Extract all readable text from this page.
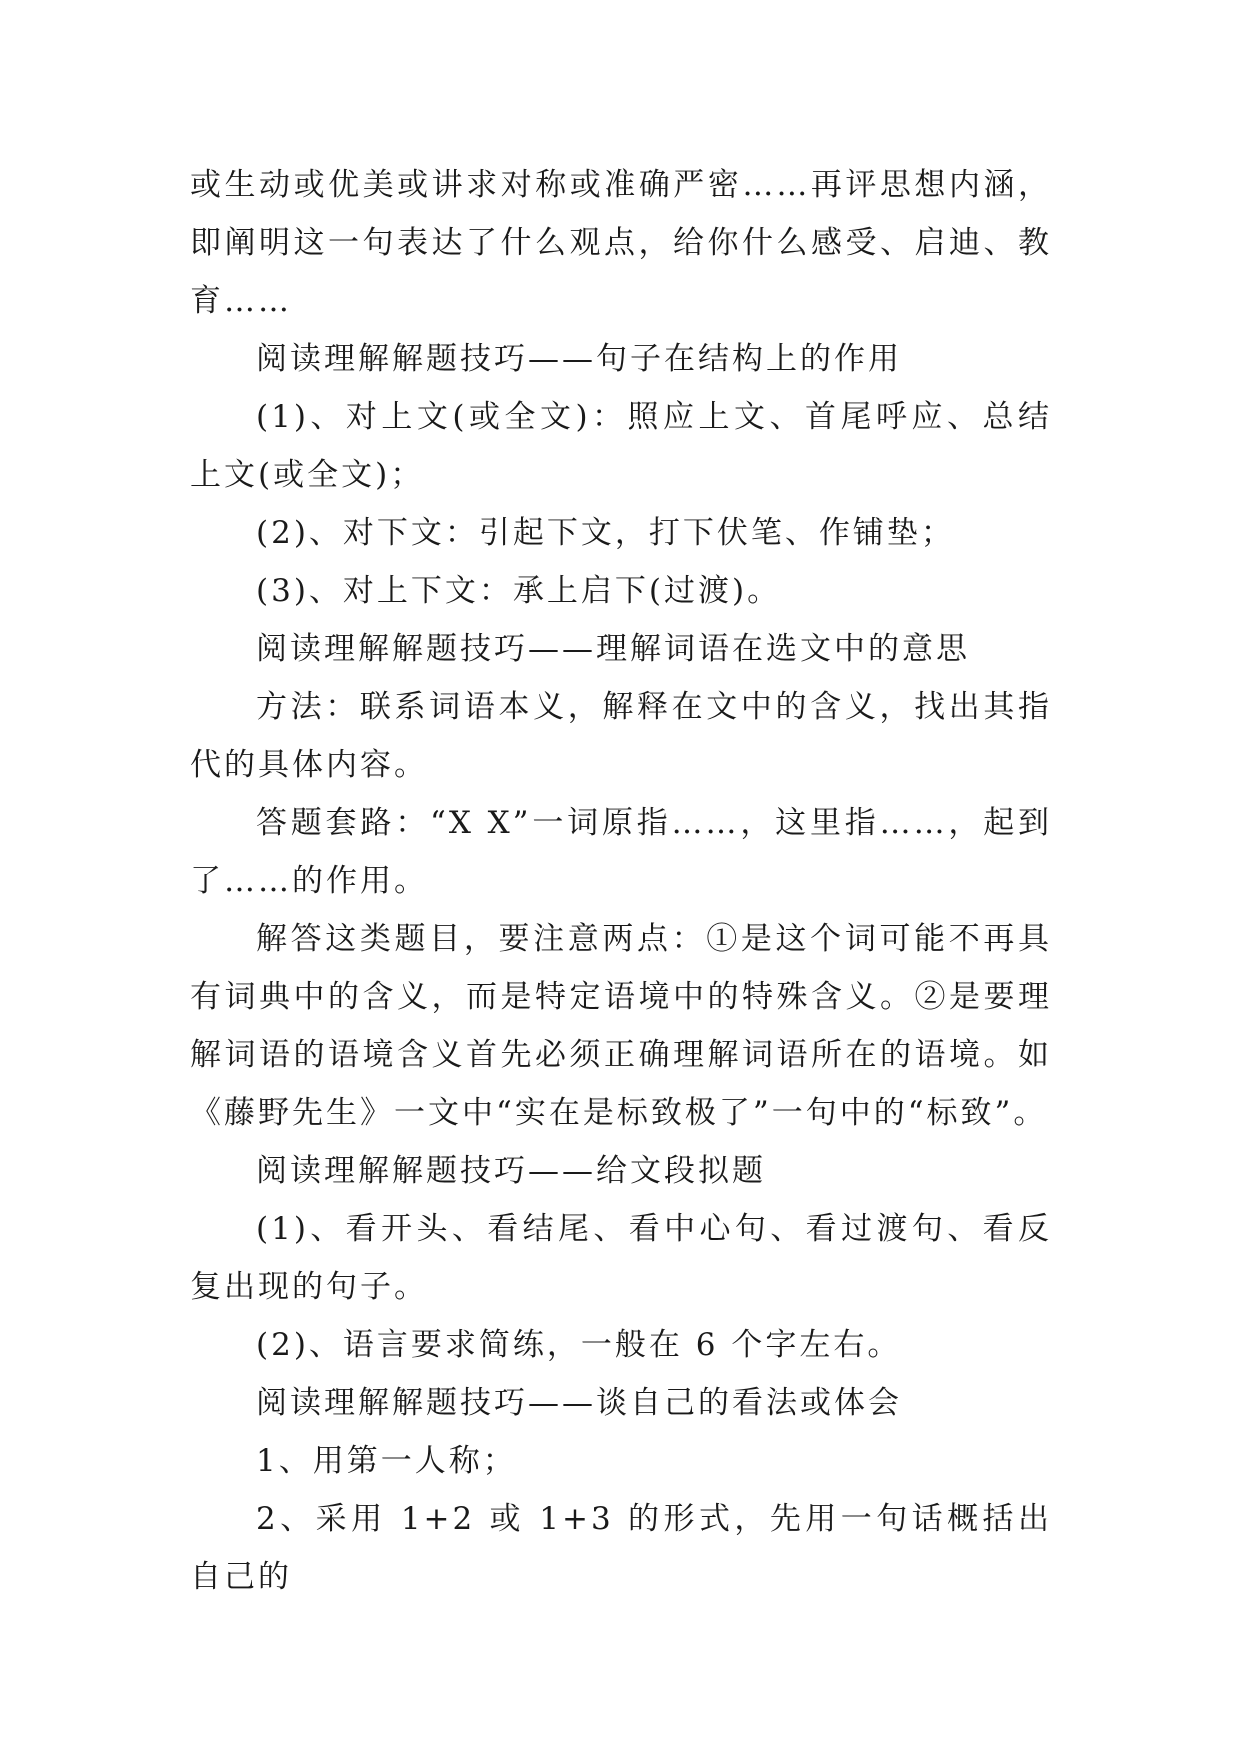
或生动或优美或讲求对称或准确严密……再评思想内涵，即阐明这一句表达了什么观点，给你什么感受、启迪、教育……

阅读理解解题技巧——句子在结构上的作用

(1)、对上文(或全文)：照应上文、首尾呼应、总结上文(或全文)；

(2)、对下文：引起下文，打下伏笔、作铺垫；

(3)、对上下文：承上启下(过渡)。

阅读理解解题技巧——理解词语在选文中的意思

方法：联系词语本义，解释在文中的含义，找出其指代的具体内容。

答题套路：“X X”一词原指……，这里指……，起到了……的作用。

解答这类题目，要注意两点：①是这个词可能不再具有词典中的含义，而是特定语境中的特殊含义。②是要理解词语的语境含义首先必须正确理解词语所在的语境。如《藤野先生》一文中“实在是标致极了”一句中的“标致”。

阅读理解解题技巧——给文段拟题

(1)、看开头、看结尾、看中心句、看过渡句、看反复出现的句子。

(2)、语言要求简练，一般在 6 个字左右。

阅读理解解题技巧——谈自己的看法或体会

1、用第一人称；

2、采用 1+2 或 1+3 的形式，先用一句话概括出自己的
